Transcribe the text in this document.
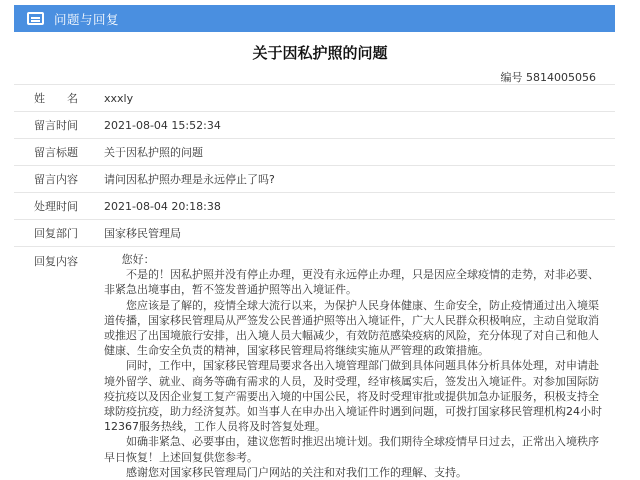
问题与回复
关于因私护照的问题
编号 5814005056
姓　　名	xxxly
留言时间	2021-08-04 15:52:34
留言标题	关于因私护照的问题
留言内容	请问因私护照办理是永远停止了吗?
处理时间	2021-08-04 20:18:38
回复部门	国家移民管理局
回复内容	您好：

不是的！因私护照并没有停止办理，更没有永远停止办理，只是因应全球疫情的走势，对非必要、非紧急出境事由，暂不签发普通护照等出入境证件。

您应该是了解的，疫情全球大流行以来，为保护人民身体健康、生命安全，防止疫情通过出入境渠道传播，国家移民管理局从严签发公民普通护照等出入境证件，广大人民群众积极响应，主动自觉取消或推迟了出国境旅行安排，出入境人员大幅减少，有效防范感染疫病的风险，充分体现了对自己和他人健康、生命安全负责的精神，国家移民管理局将继续实施从严管理的政策措施。

同时，工作中，国家移民管理局要求各出入境管理部门做到具体问题具体分析具体处理，对申请赴境外留学、就业、商务等确有需求的人员，及时受理，经审核属实后，签发出入境证件。对参加国际防疫抗疫以及因企业复工复产需要出入境的中国公民，将及时受理审批或提供加急办证服务，积极支持全球防疫抗疫，助力经济复苏。如当事人在申办出入境证件时遇到问题，可拨打国家移民管理机构24小时12367服务热线，工作人员将及时答复处理。

如确非紧急、必要事由，建议您暂时推迟出境计划。我们期待全球疫情早日过去，正常出入境秩序早日恢复！上述回复供您参考。

感谢您对国家移民管理局门户网站的关注和对我们工作的理解、支持。
